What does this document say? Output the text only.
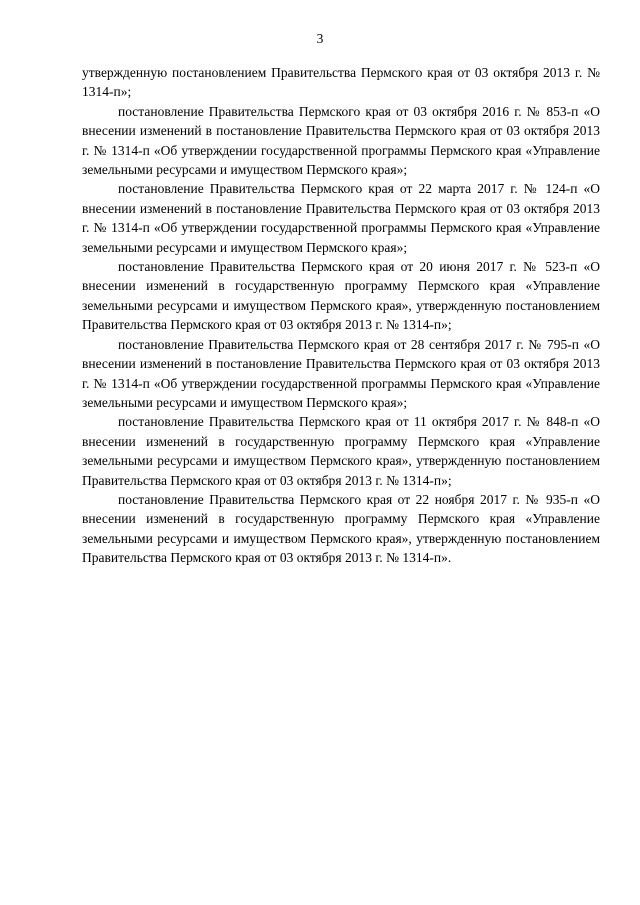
3

утвержденную постановлением Правительства Пермского края от 03 октября 2013 г. № 1314-п»;

постановление Правительства Пермского края от 03 октября 2016 г. № 853-п «О внесении изменений в постановление Правительства Пермского края от 03 октября 2013 г. № 1314-п «Об утверждении государственной программы Пермского края «Управление земельными ресурсами и имуществом Пермского края»;

постановление Правительства Пермского края от 22 марта 2017 г. № 124-п «О внесении изменений в постановление Правительства Пермского края от 03 октября 2013 г. № 1314-п «Об утверждении государственной программы Пермского края «Управление земельными ресурсами и имуществом Пермского края»;

постановление Правительства Пермского края от 20 июня 2017 г. № 523-п «О внесении изменений в государственную программу Пермского края «Управление земельными ресурсами и имуществом Пермского края», утвержденную постановлением Правительства Пермского края от 03 октября 2013 г. № 1314-п»;

постановление Правительства Пермского края от 28 сентября 2017 г. № 795-п «О внесении изменений в постановление Правительства Пермского края от 03 октября 2013 г. № 1314-п «Об утверждении государственной программы Пермского края «Управление земельными ресурсами и имуществом Пермского края»;

постановление Правительства Пермского края от 11 октября 2017 г. № 848-п «О внесении изменений в государственную программу Пермского края «Управление земельными ресурсами и имуществом Пермского края», утвержденную постановлением Правительства Пермского края от 03 октября 2013 г. № 1314-п»;

постановление Правительства Пермского края от 22 ноября 2017 г. № 935-п «О внесении изменений в государственную программу Пермского края «Управление земельными ресурсами и имуществом Пермского края», утвержденную постановлением Правительства Пермского края от 03 октября 2013 г. № 1314-п».
